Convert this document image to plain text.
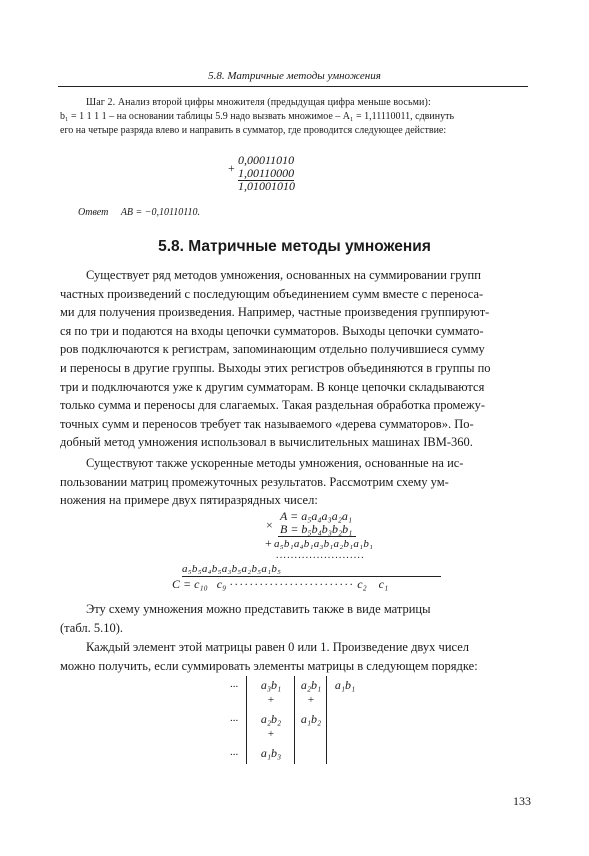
5.8. Матричные методы умножения
Шаг 2. Анализ второй цифры множителя (предыдущая цифра меньше восьми):
b₁ = 1 1 1 1 – на основании таблицы 5.9 надо вызвать множимое – A₁ = 1,11110011, сдвинуть
его на четыре разряда влево и направить в сумматор, где проводится следующее действие:
0,00011010
+ 1,00110000
1,01001010
Ответ AB = −0,10110110.
5.8. Матричные методы умножения
Существует ряд методов умножения, основанных на суммировании групп
частных произведений с последующим объединением сумм вместе с переноса-
ми для получения произведения. Например, частные произведения группируют-
ся по три и подаются на входы цепочки сумматоров. Выходы цепочки суммато-
ров подключаются к регистрам, запоминающим отдельно получившиеся сумму
и переносы в другие группы. Выходы этих регистров объединяются в группы по
три и подключаются уже к другим сумматорам. В конце цепочки складываются
только сумма и переносы для слагаемых. Такая раздельная обработка промежу-
точных сумм и переносов требует так называемого «дерева сумматоров». По-
добный метод умножения использовал в вычислительных машинах IBM-360.
Существуют также ускоренные методы умножения, основанные на ис-
пользовании матриц промежуточных результатов. Рассмотрим схему ум-
ножения на примере двух пятиразрядных чисел:
A = a₅a₄a₃a₂a₁
× B = b₅b₄b₃b₂b₁
+ a₅b₁a₄b₁a₃b₁a₂b₁a₁b₁
........................
a₅b₅a₄b₅a₃b₅a₂b₅a₁b₅
C = c₁₀   c₉ ························· c₂    c₁
Эту схему умножения можно представить также в виде матрицы
(табл. 5.10).
Каждый элемент этой матрицы равен 0 или 1. Произведение двух чисел
можно получить, если суммировать элементы матрицы в следующем порядке:
...
...
...
a₃b₁
+
a₂b₂
+
a₁b₃
a₂b₁
+
a₁b₂
a₁b₁
133
